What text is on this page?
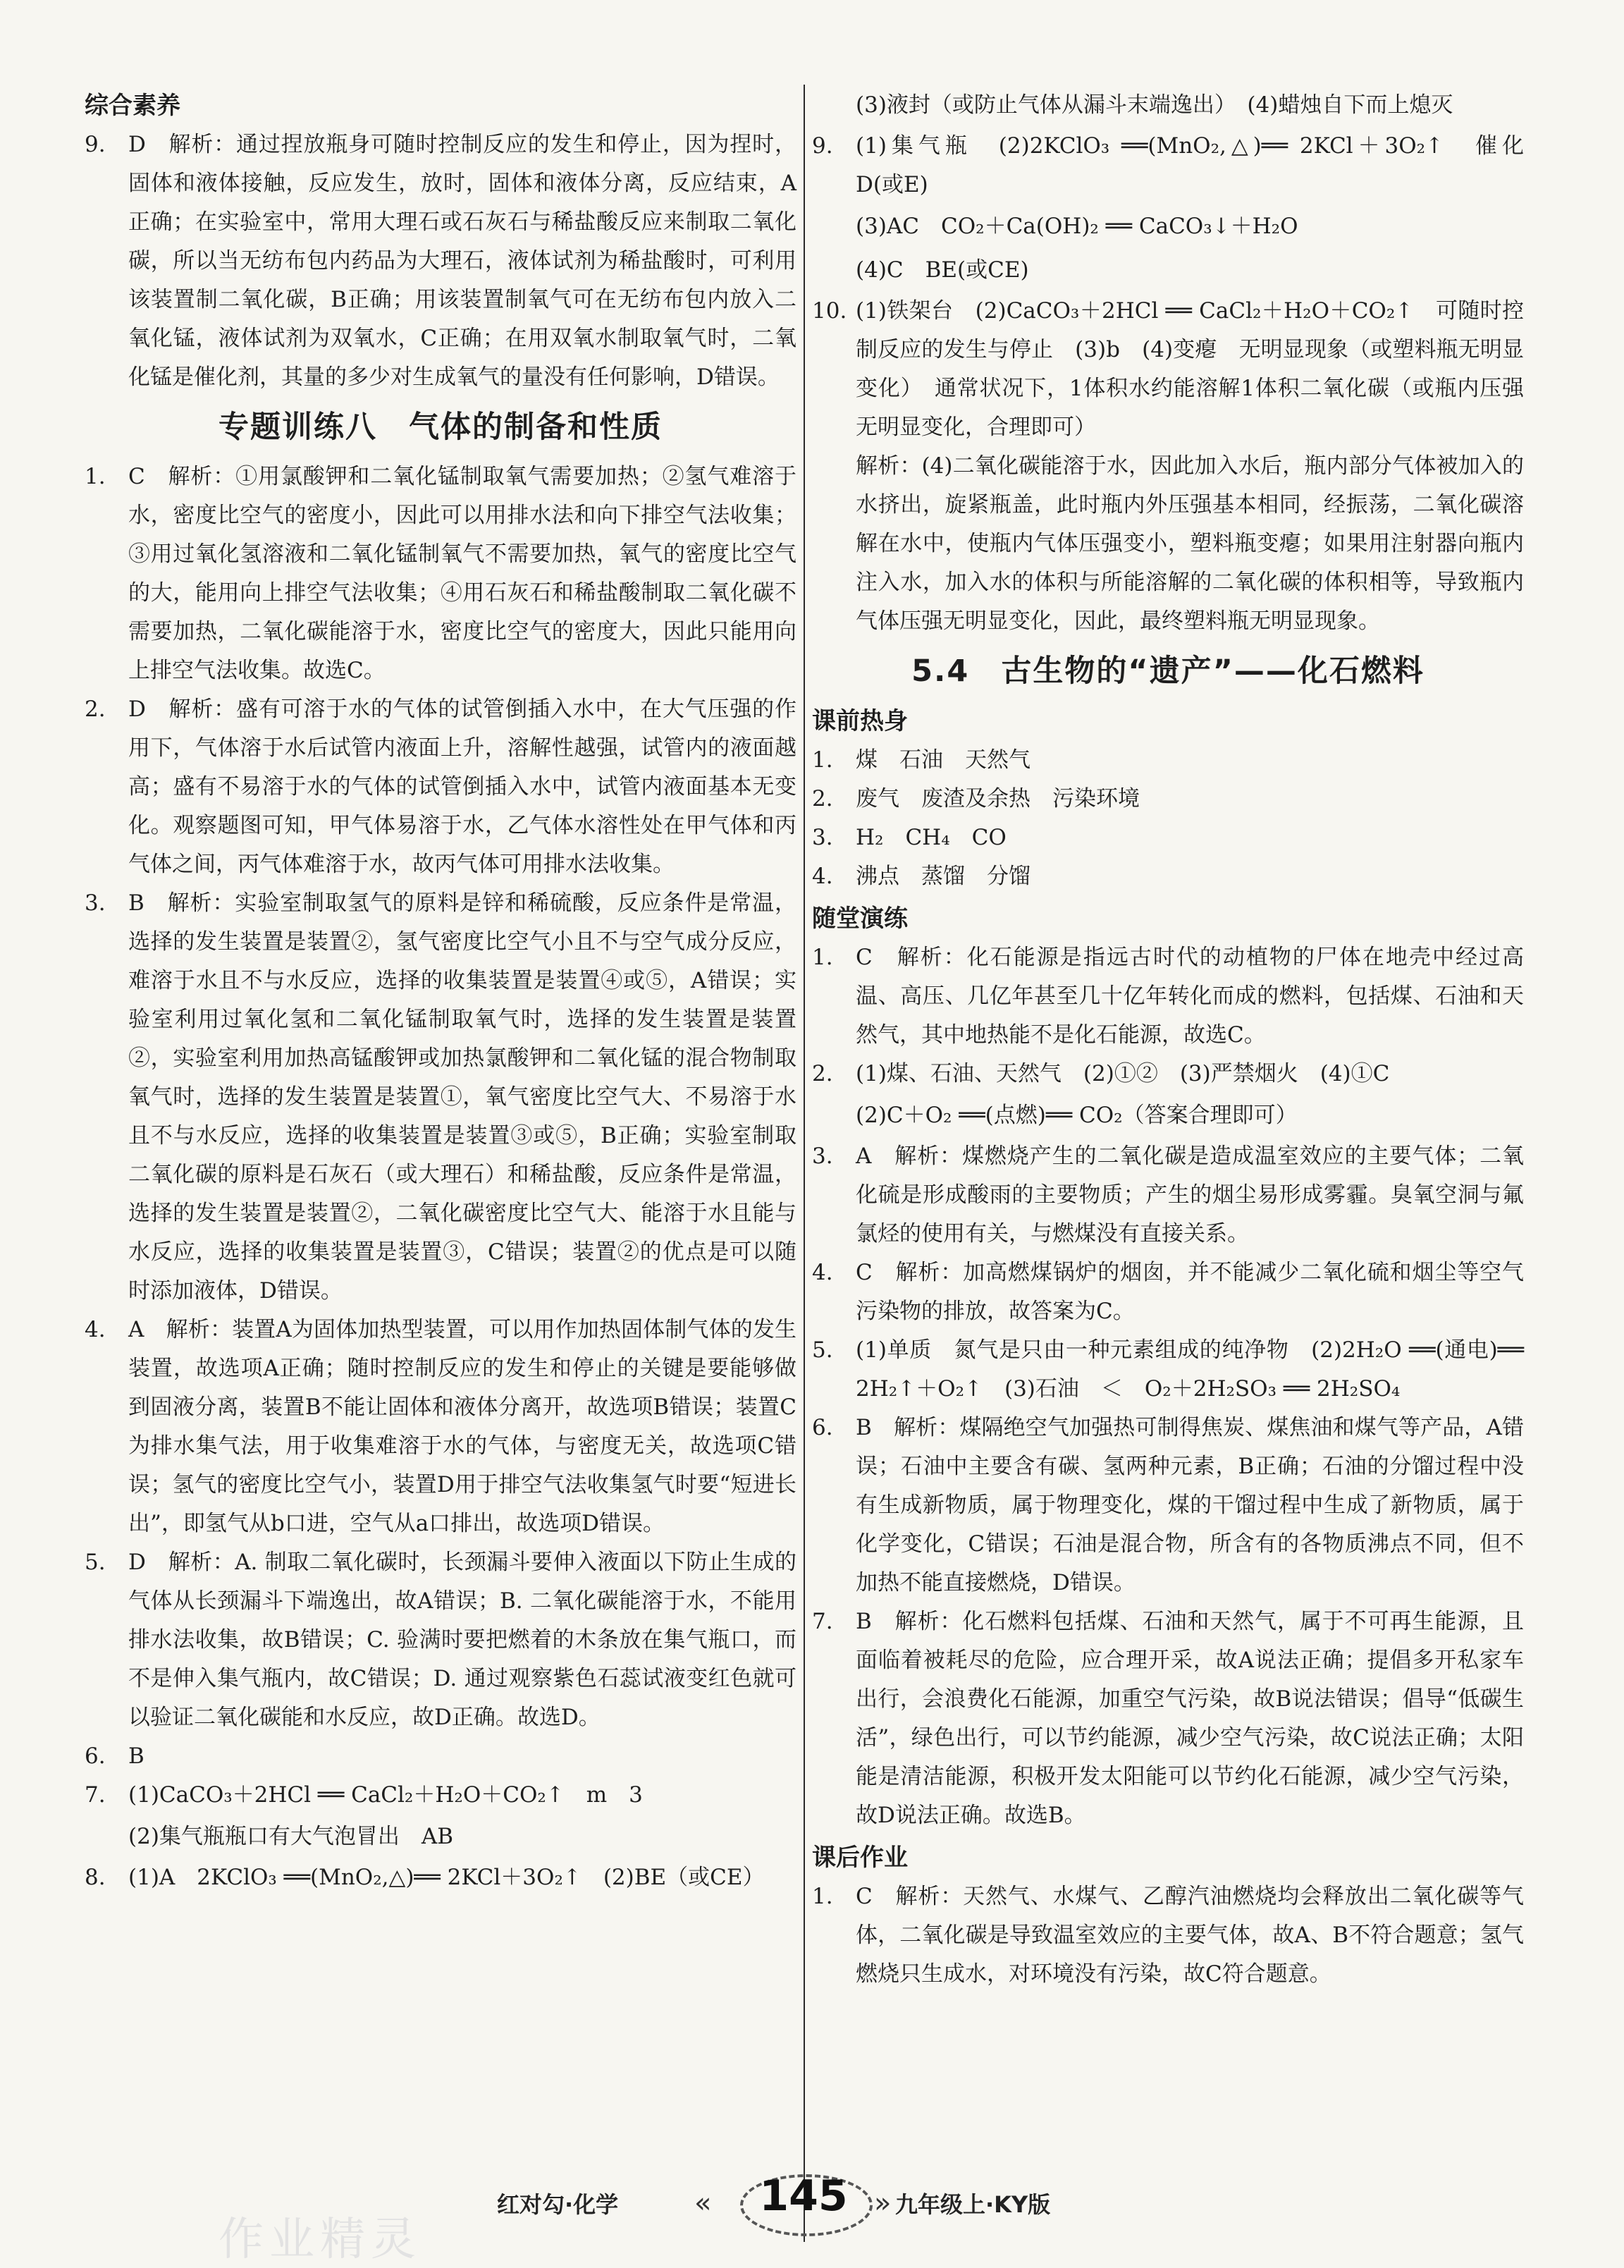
综合素养
9.	D　解析：通过捏放瓶身可随时控制反应的发生和停止，因为捏时，固体和液体接触，反应发生，放时，固体和液体分离，反应结束，A正确；在实验室中，常用大理石或石灰石与稀盐酸反应来制取二氧化碳，所以当无纺布包内药品为大理石，液体试剂为稀盐酸时，可利用该装置制二氧化碳，B正确；用该装置制氧气可在无纺布包内放入二氧化锰，液体试剂为双氧水，C正确；在用双氧水制取氧气时，二氧化锰是催化剂，其量的多少对生成氧气的量没有任何影响，D错误。
专题训练八　气体的制备和性质
1.	C　解析：①用氯酸钾和二氧化锰制取氧气需要加热；②氢气难溶于水，密度比空气的密度小，因此可以用排水法和向下排空气法收集；③用过氧化氢溶液和二氧化锰制氧气不需要加热，氧气的密度比空气的大，能用向上排空气法收集；④用石灰石和稀盐酸制取二氧化碳不需要加热，二氧化碳能溶于水，密度比空气的密度大，因此只能用向上排空气法收集。故选C。
2.	D　解析：盛有可溶于水的气体的试管倒插入水中，在大气压强的作用下，气体溶于水后试管内液面上升，溶解性越强，试管内的液面越高；盛有不易溶于水的气体的试管倒插入水中，试管内液面基本无变化。观察题图可知，甲气体易溶于水，乙气体水溶性处在甲气体和丙气体之间，丙气体难溶于水，故丙气体可用排水法收集。
3.	B　解析：实验室制取氢气的原料是锌和稀硫酸，反应条件是常温，选择的发生装置是装置②，氢气密度比空气小且不与空气成分反应，难溶于水且不与水反应，选择的收集装置是装置④或⑤，A错误；实验室利用过氧化氢和二氧化锰制取氧气时，选择的发生装置是装置②，实验室利用加热高锰酸钾或加热氯酸钾和二氧化锰的混合物制取氧气时，选择的发生装置是装置①，氧气密度比空气大、不易溶于水且不与水反应，选择的收集装置是装置③或⑤，B正确；实验室制取二氧化碳的原料是石灰石（或大理石）和稀盐酸，反应条件是常温，选择的发生装置是装置②，二氧化碳密度比空气大、能溶于水且能与水反应，选择的收集装置是装置③，C错误；装置②的优点是可以随时添加液体，D错误。
4.	A　解析：装置A为固体加热型装置，可以用作加热固体制气体的发生装置，故选项A正确；随时控制反应的发生和停止的关键是要能够做到固液分离，装置B不能让固体和液体分离开，故选项B错误；装置C为排水集气法，用于收集难溶于水的气体，与密度无关，故选项C错误；氢气的密度比空气小，装置D用于排空气法收集氢气时要“短进长出”，即氢气从b口进，空气从a口排出，故选项D错误。
5.	D　解析：A. 制取二氧化碳时，长颈漏斗要伸入液面以下防止生成的气体从长颈漏斗下端逸出，故A错误；B. 二氧化碳能溶于水，不能用排水法收集，故B错误；C. 验满时要把燃着的木条放在集气瓶口，而不是伸入集气瓶内，故C错误；D. 通过观察紫色石蕊试液变红色就可以验证二氧化碳能和水反应，故D正确。故选D。
6.	B
7.	(1)CaCO₃＋2HCl ══ CaCl₂＋H₂O＋CO₂↑　m　3
(2)集气瓶瓶口有大气泡冒出　AB
8.	(1)A　2KClO₃ ══(MnO₂,△)══ 2KCl＋3O₂↑　(2)BE（或CE）
(3)液封（或防止气体从漏斗末端逸出）　(4)蜡烛自下而上熄灭
9.	(1)集气瓶　(2)2KClO₃ ══(MnO₂,△)══ 2KCl＋3O₂↑　催化　D(或E)
(3)AC　CO₂＋Ca(OH)₂ ══ CaCO₃↓＋H₂O
(4)C　BE(或CE)
10. (1)铁架台　(2)CaCO₃＋2HCl ══ CaCl₂＋H₂O＋CO₂↑　可随时控制反应的发生与停止　(3)b　(4)变瘪　无明显现象（或塑料瓶无明显变化）　通常状况下，1体积水约能溶解1体积二氧化碳（或瓶内压强无明显变化，合理即可）
解析：(4)二氧化碳能溶于水，因此加入水后，瓶内部分气体被加入的水挤出，旋紧瓶盖，此时瓶内外压强基本相同，经振荡，二氧化碳溶解在水中，使瓶内气体压强变小，塑料瓶变瘪；如果用注射器向瓶内注入水，加入水的体积与所能溶解的二氧化碳的体积相等，导致瓶内气体压强无明显变化，因此，最终塑料瓶无明显现象。
5.4　古生物的“遗产”——化石燃料
课前热身
1.	煤　石油　天然气
2.	废气　废渣及余热　污染环境
3.	H₂　CH₄　CO
4.	沸点　蒸馏　分馏
随堂演练
1.	C　解析：化石能源是指远古时代的动植物的尸体在地壳中经过高温、高压、几亿年甚至几十亿年转化而成的燃料，包括煤、石油和天然气，其中地热能不是化石能源，故选C。
2.	(1)煤、石油、天然气　(2)①②　(3)严禁烟火　(4)①C
(2)C＋O₂ ══(点燃)══ CO₂（答案合理即可）
3.	A　解析：煤燃烧产生的二氧化碳是造成温室效应的主要气体；二氧化硫是形成酸雨的主要物质；产生的烟尘易形成雾霾。臭氧空洞与氟氯烃的使用有关，与燃煤没有直接关系。
4.	C　解析：加高燃煤锅炉的烟囱，并不能减少二氧化硫和烟尘等空气污染物的排放，故答案为C。
5.	(1)单质　氮气是只由一种元素组成的纯净物　(2)2H₂O ══(通电)══ 2H₂↑＋O₂↑　(3)石油　＜　O₂＋2H₂SO₃ ══ 2H₂SO₄
6.	B　解析：煤隔绝空气加强热可制得焦炭、煤焦油和煤气等产品，A错误；石油中主要含有碳、氢两种元素，B正确；石油的分馏过程中没有生成新物质，属于物理变化，煤的干馏过程中生成了新物质，属于化学变化，C错误；石油是混合物，所含有的各物质沸点不同，但不加热不能直接燃烧，D错误。
7.	B　解析：化石燃料包括煤、石油和天然气，属于不可再生能源，且面临着被耗尽的危险，应合理开采，故A说法正确；提倡多开私家车出行，会浪费化石能源，加重空气污染，故B说法错误；倡导“低碳生活”，绿色出行，可以节约能源，减少空气污染，故C说法正确；太阳能是清洁能源，积极开发太阳能可以节约化石能源，减少空气污染，故D说法正确。故选B。
课后作业
1.	C　解析：天然气、水煤气、乙醇汽油燃烧均会释放出二氧化碳等气体，二氧化碳是导致温室效应的主要气体，故A、B不符合题意；氢气燃烧只生成水，对环境没有污染，故C符合题意。
红对勾·化学	«	145 » 九年级上·KY版
作业精灵
